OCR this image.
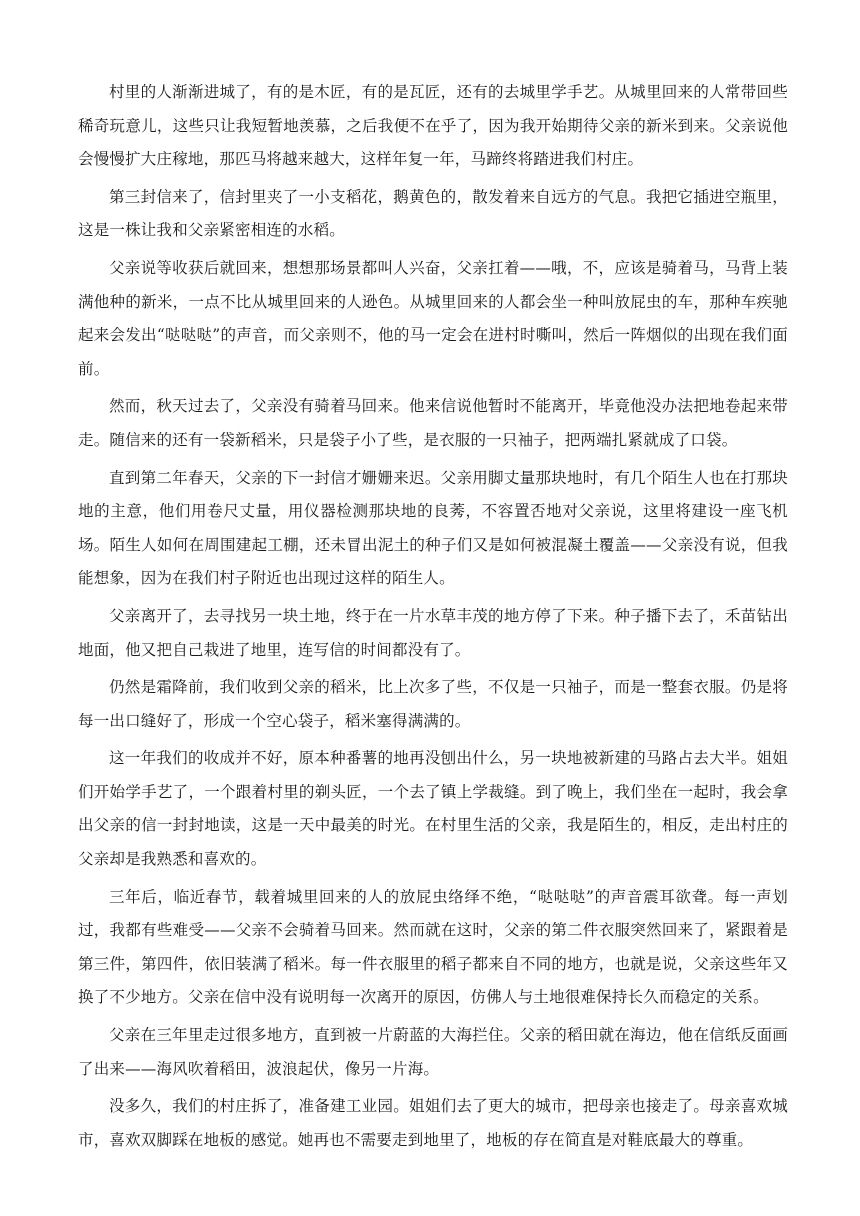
村里的人渐渐进城了，有的是木匠，有的是瓦匠，还有的去城里学手艺。从城里回来的人常带回些稀奇玩意儿，这些只让我短暂地羡慕，之后我便不在乎了，因为我开始期待父亲的新米到来。父亲说他会慢慢扩大庄稼地，那匹马将越来越大，这样年复一年，马蹄终将踏进我们村庄。

第三封信来了，信封里夹了一小支稻花，鹅黄色的，散发着来自远方的气息。我把它插进空瓶里，这是一株让我和父亲紧密相连的水稻。

父亲说等收获后就回来，想想那场景都叫人兴奋，父亲扛着——哦，不，应该是骑着马，马背上装满他种的新米，一点不比从城里回来的人逊色。从城里回来的人都会坐一种叫放屁虫的车，那种车疾驰起来会发出“哒哒哒”的声音，而父亲则不，他的马一定会在进村时嘶叫，然后一阵烟似的出现在我们面前。

然而，秋天过去了，父亲没有骑着马回来。他来信说他暂时不能离开，毕竟他没办法把地卷起来带走。随信来的还有一袋新稻米，只是袋子小了些，是衣服的一只袖子，把两端扎紧就成了口袋。

直到第二年春天，父亲的下一封信才姗姗来迟。父亲用脚丈量那块地时，有几个陌生人也在打那块地的主意，他们用卷尺丈量，用仪器检测那块地的良莠，不容置否地对父亲说，这里将建设一座飞机场。陌生人如何在周围建起工棚，还未冒出泥土的种子们又是如何被混凝土覆盖——父亲没有说，但我能想象，因为在我们村子附近也出现过这样的陌生人。

父亲离开了，去寻找另一块土地，终于在一片水草丰茂的地方停了下来。种子播下去了，禾苗钻出地面，他又把自己栽进了地里，连写信的时间都没有了。

仍然是霜降前，我们收到父亲的稻米，比上次多了些，不仅是一只袖子，而是一整套衣服。仍是将每一出口缝好了，形成一个空心袋子，稻米塞得满满的。

这一年我们的收成并不好，原本种番薯的地再没刨出什么，另一块地被新建的马路占去大半。姐姐们开始学手艺了，一个跟着村里的剃头匠，一个去了镇上学裁缝。到了晚上，我们坐在一起时，我会拿出父亲的信一封封地读，这是一天中最美的时光。在村里生活的父亲，我是陌生的，相反，走出村庄的父亲却是我熟悉和喜欢的。

三年后，临近春节，载着城里回来的人的放屁虫络绎不绝，“哒哒哒”的声音震耳欲聋。每一声划过，我都有些难受——父亲不会骑着马回来。然而就在这时，父亲的第二件衣服突然回来了，紧跟着是第三件，第四件，依旧装满了稻米。每一件衣服里的稻子都来自不同的地方，也就是说，父亲这些年又换了不少地方。父亲在信中没有说明每一次离开的原因，仿佛人与土地很难保持长久而稳定的关系。

父亲在三年里走过很多地方，直到被一片蔚蓝的大海拦住。父亲的稻田就在海边，他在信纸反面画了出来——海风吹着稻田，波浪起伏，像另一片海。

没多久，我们的村庄拆了，准备建工业园。姐姐们去了更大的城市，把母亲也接走了。母亲喜欢城市，喜欢双脚踩在地板的感觉。她再也不需要走到地里了，地板的存在简直是对鞋底最大的尊重。
